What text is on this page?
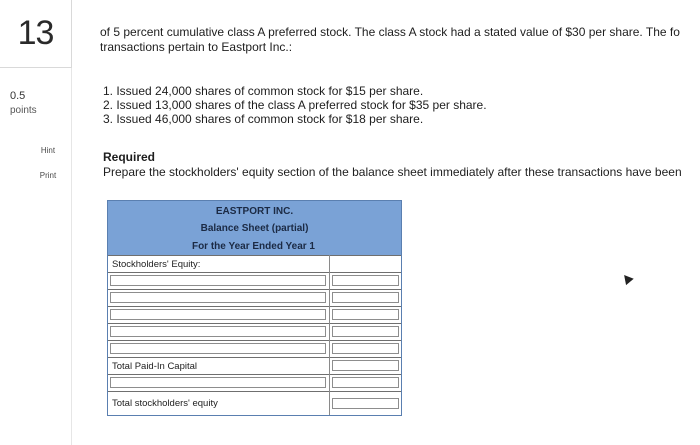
13
0.5
points
Hint
Print
of 5 percent cumulative class A preferred stock. The class A stock had a stated value of $30 per share. The fo
transactions pertain to Eastport Inc.:
1. Issued 24,000 shares of common stock for $15 per share.
2. Issued 13,000 shares of the class A preferred stock for $35 per share.
3. Issued 46,000 shares of common stock for $18 per share.
Required
Prepare the stockholders' equity section of the balance sheet immediately after these transactions have been
EASTPORT INC.
Balance Sheet (partial)
For the Year Ended Year 1
Stockholders' Equity:
Total Paid-In Capital
Total stockholders' equity
